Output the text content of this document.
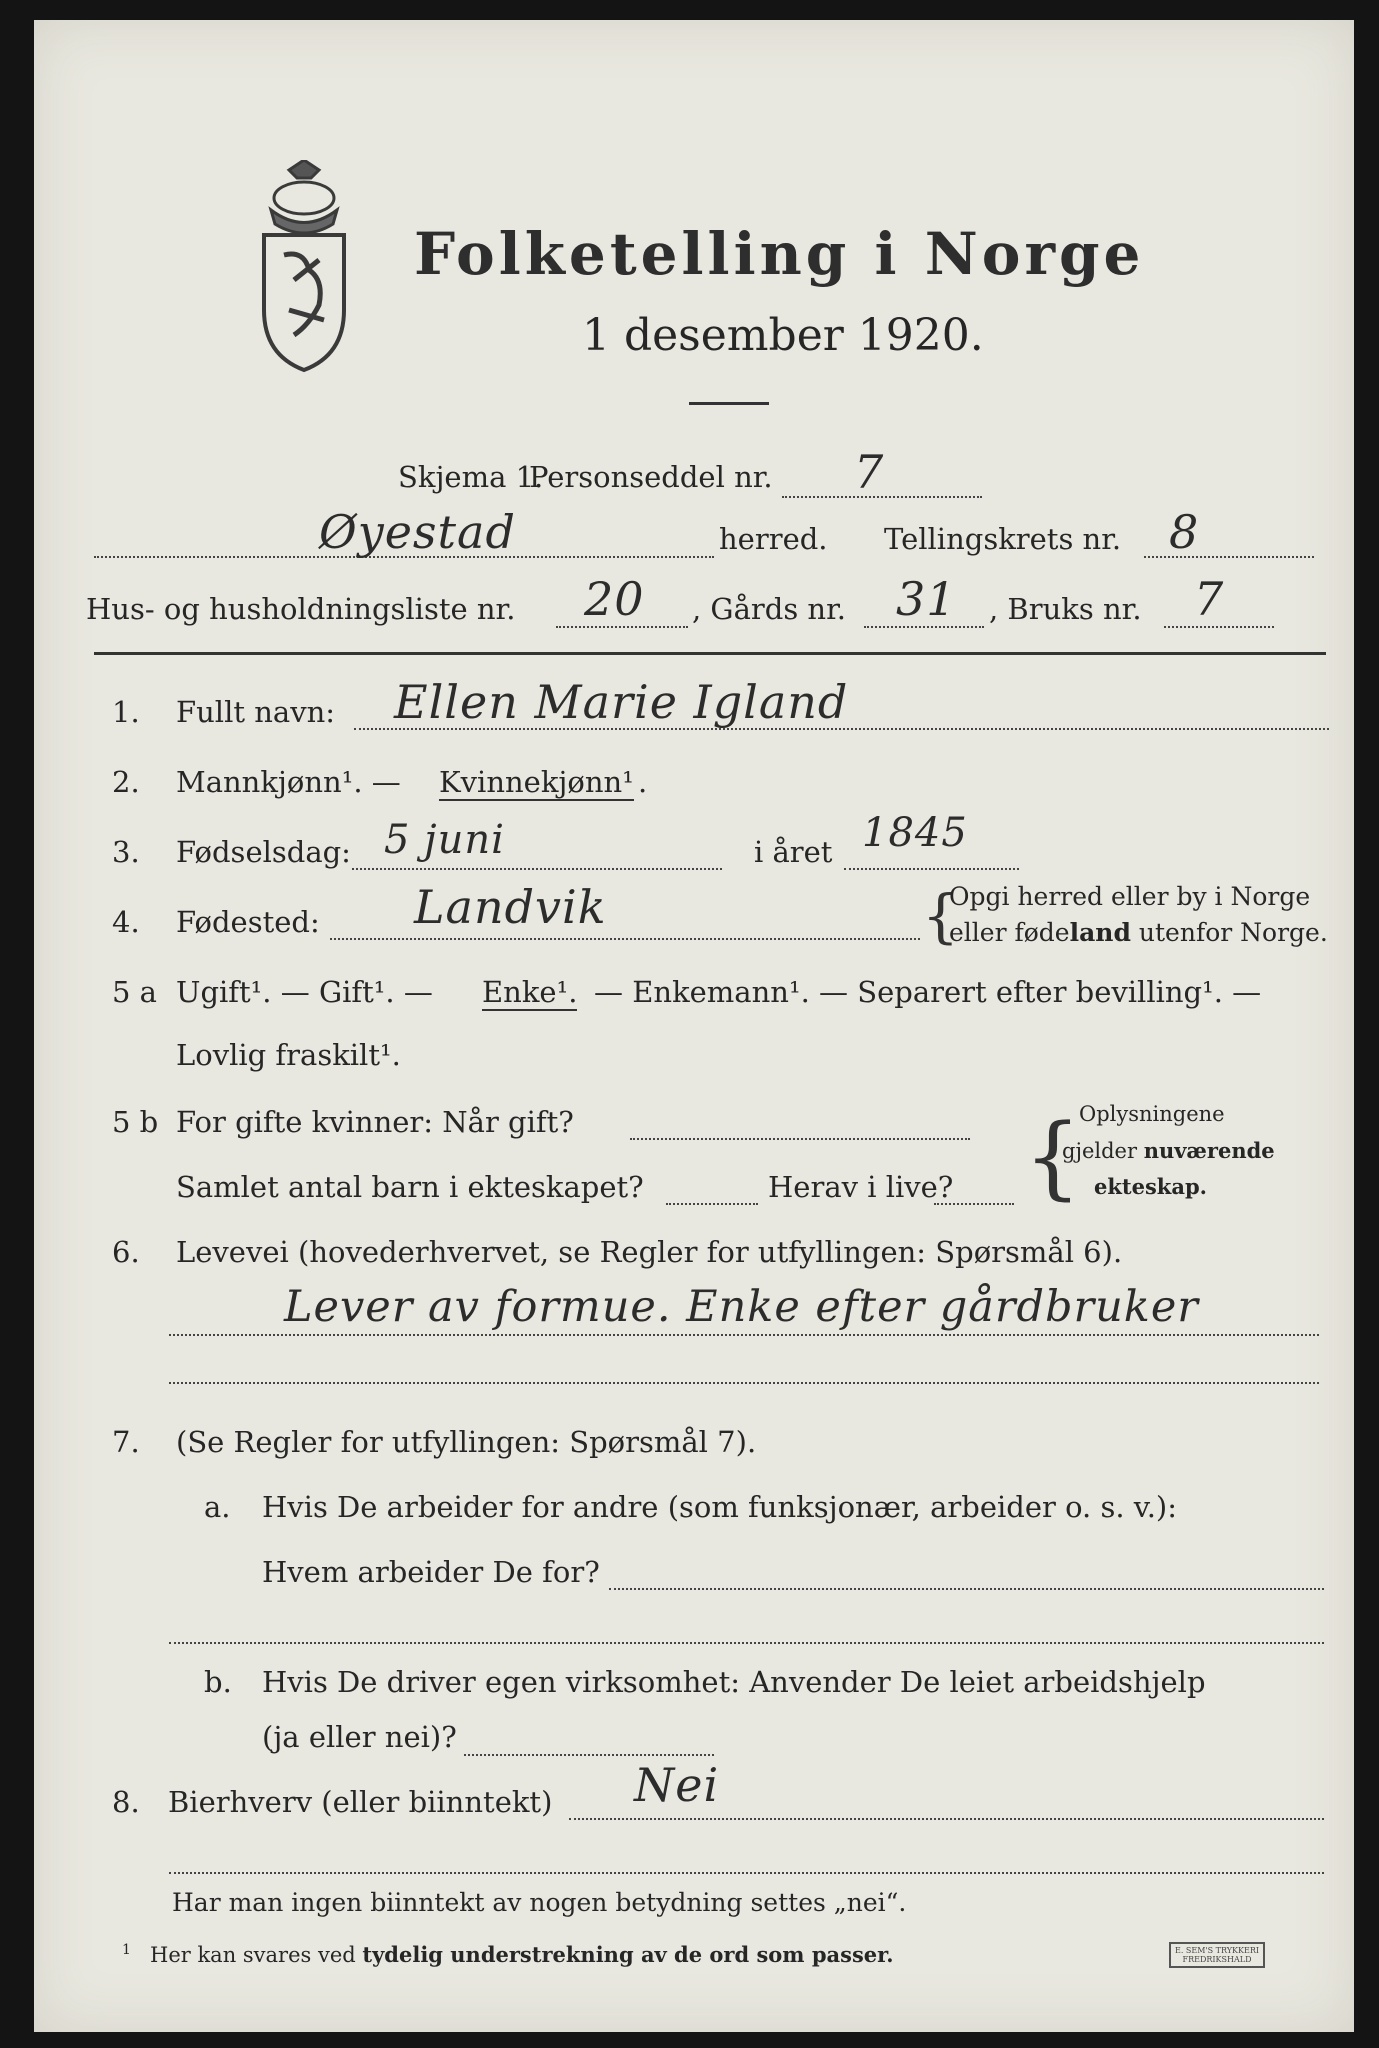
Folketelling i Norge
1 desember 1920.
Skjema 1.
Personseddel nr. 7
Øyestad	herred. Tellingskrets nr. 8
Hus- og husholdningsliste nr. 20 , Gårds nr. 31 , Bruks nr. 7
1. Fullt navn: Ellen Marie Igland
2. Mannkjønn¹. — Kvinnekjønn¹ .
3. Fødselsdag: 5 juni	i året 1845
4. Fødested: Landvik	{
Opgi herred eller by i Norge
eller fødeland utenfor Norge.
5 a Ugift¹. — Gift¹. — Enke¹. — Enkemann¹. — Separert efter bevilling¹. —
Lovlig fraskilt¹.
5 b For gifte kvinner: Når gift?
Samlet antal barn i ekteskapet?	Herav i live? {
Oplysningene
gjelder nuværende
ekteskap.
6. Levevei (hovederhvervet, se Regler for utfyllingen: Spørsmål 6).
Lever av formue. Enke efter gårdbruker
7. (Se Regler for utfyllingen: Spørsmål 7).
a. Hvis De arbeider for andre (som funksjonær, arbeider o. s. v.):
Hvem arbeider De for?
b. Hvis De driver egen virksomhet: Anvender De leiet arbeidshjelp
(ja eller nei)?
8. Bierhverv (eller biinntekt) Nei
Har man ingen biinntekt av nogen betydning settes „nei“.
1 Her kan svares ved tydelig understrekning av de ord som passer.	E. SEM'S TRYKKERI
FREDRIKSHALD
